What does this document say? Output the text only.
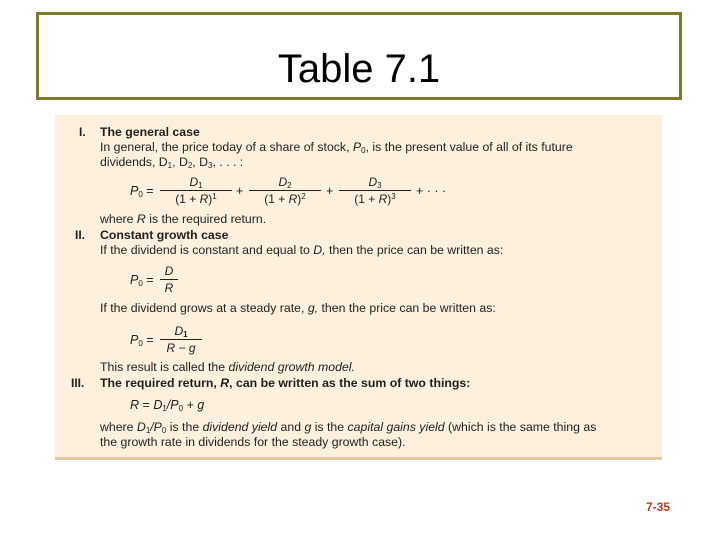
Table 7.1
I. The general case
In general, the price today of a share of stock, $P_0$, is the present value of all of its future
dividends, $D_1$, $D_2$, $D_3$, . . . :
$P_0 = \frac{D_1}{(1 + R)^1} + \frac{D_2}{(1 + R)^2} + \frac{D_3}{(1 + R)^3}$ + · · ·
where R is the required return.
II. Constant growth case
If the dividend is constant and equal to D, then the price can be written as:
$P_0 = \frac{D}{R}$
If the dividend grows at a steady rate, g, then the price can be written as:
$P_0 = \frac{D_1}{R - g}$
This result is called the dividend growth model.
III. The required return, R, can be written as the sum of two things:
$R = D_1/P_0 + g$
where $D_1/P_0$ is the dividend yield and g is the capital gains yield (which is the same thing as
the growth rate in dividends for the steady growth case).
7-35
